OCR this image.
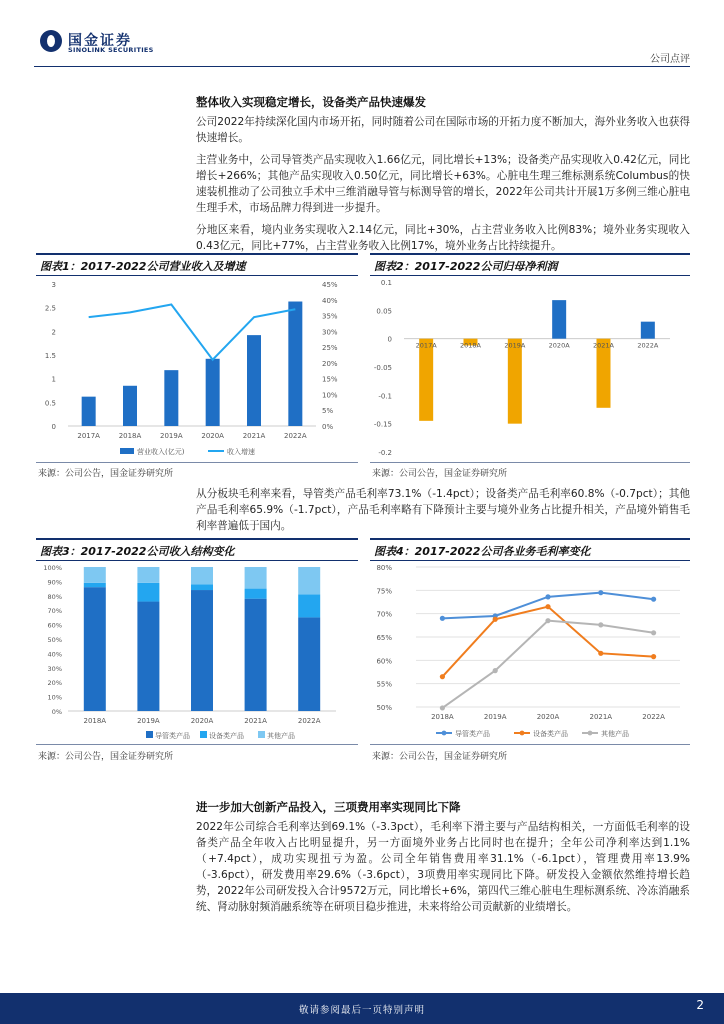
国金证券
SINOLINK SECURITIES
公司点评
整体收入实现稳定增长，设备类产品快速爆发

公司2022年持续深化国内市场开拓，同时随着公司在国际市场的开拓力度不断加大，海外业务收入也获得快速增长。

主营业务中，公司导管类产品实现收入1.66亿元，同比增长+13%；设备类产品实现收入0.42亿元，同比增长+266%；其他产品实现收入0.50亿元，同比增长+63%。心脏电生理三维标测系统Columbus的快速装机推动了公司独立手术中三维消融导管与标测导管的增长，2022年公司共计开展1万多例三维心脏电生理手术，市场品牌力得到进一步提升。

分地区来看，境内业务实现收入2.14亿元，同比+30%，占主营业务收入比例83%；境外业务实现收入0.43亿元，同比+77%，占主营业务收入比例17%，境外业务占比持续提升。

图表1：2017-2022公司营业收入及增速
0
0.5
1
1.5
2
2.5
3
0%
5%
10%
15%
20%
25%
30%
35%
40%
45%
2017A	2018A	2019A	2020A	2021A	2022A
营业收入(亿元)	收入增速
来源：公司公告，国金证券研究所
图表2：2017-2022公司归母净利润
0.1
0.05
0
-0.05
-0.1
-0.15
-0.2
2017A	2018A	2019A	2020A	2021A	2022A
来源：公司公告，国金证券研究所
从分板块毛利率来看，导管类产品毛利率73.1%（-1.4pct）；设备类产品毛利率60.8%（-0.7pct）；其他产品毛利率65.9%（-1.7pct），产品毛利率略有下降预计主要与境外业务占比提升相关，产品境外销售毛利率普遍低于国内。
图表3：2017-2022公司收入结构变化
0%
10%
20%
30%
40%
50%
60%
70%
80%
90%
100%
2018A	2019A	2020A	2021A	2022A
导管类产品	设备类产品	其他产品
来源：公司公告，国金证券研究所
图表4：2017-2022公司各业务毛利率变化
80%
75%
70%
65%
60%
55%
50%
2018A	2019A	2020A	2021A	2022A
导管类产品	设备类产品	其他产品
来源：公司公告，国金证券研究所
进一步加大创新产品投入，三项费用率实现同比下降
2022年公司综合毛利率达到69.1%（-3.3pct），毛利率下滑主要与产品结构相关，一方面低毛利率的设备类产品全年收入占比明显提升，另一方面境外业务占比同时也在提升；全年公司净利率达到1.1%（+7.4pct），成功实现扭亏为盈。公司全年销售费用率31.1%（-6.1pct），管理费用率13.9%（-3.6pct），研发费用率29.6%（-3.6pct），3项费用率实现同比下降。研发投入金额依然维持增长趋势，2022年公司研发投入合计9572万元，同比增长+6%，第四代三维心脏电生理标测系统、冷冻消融系统、肾动脉射频消融系统等在研项目稳步推进，未来将给公司贡献新的业绩增长。
敬请参阅最后一页特别声明	2
